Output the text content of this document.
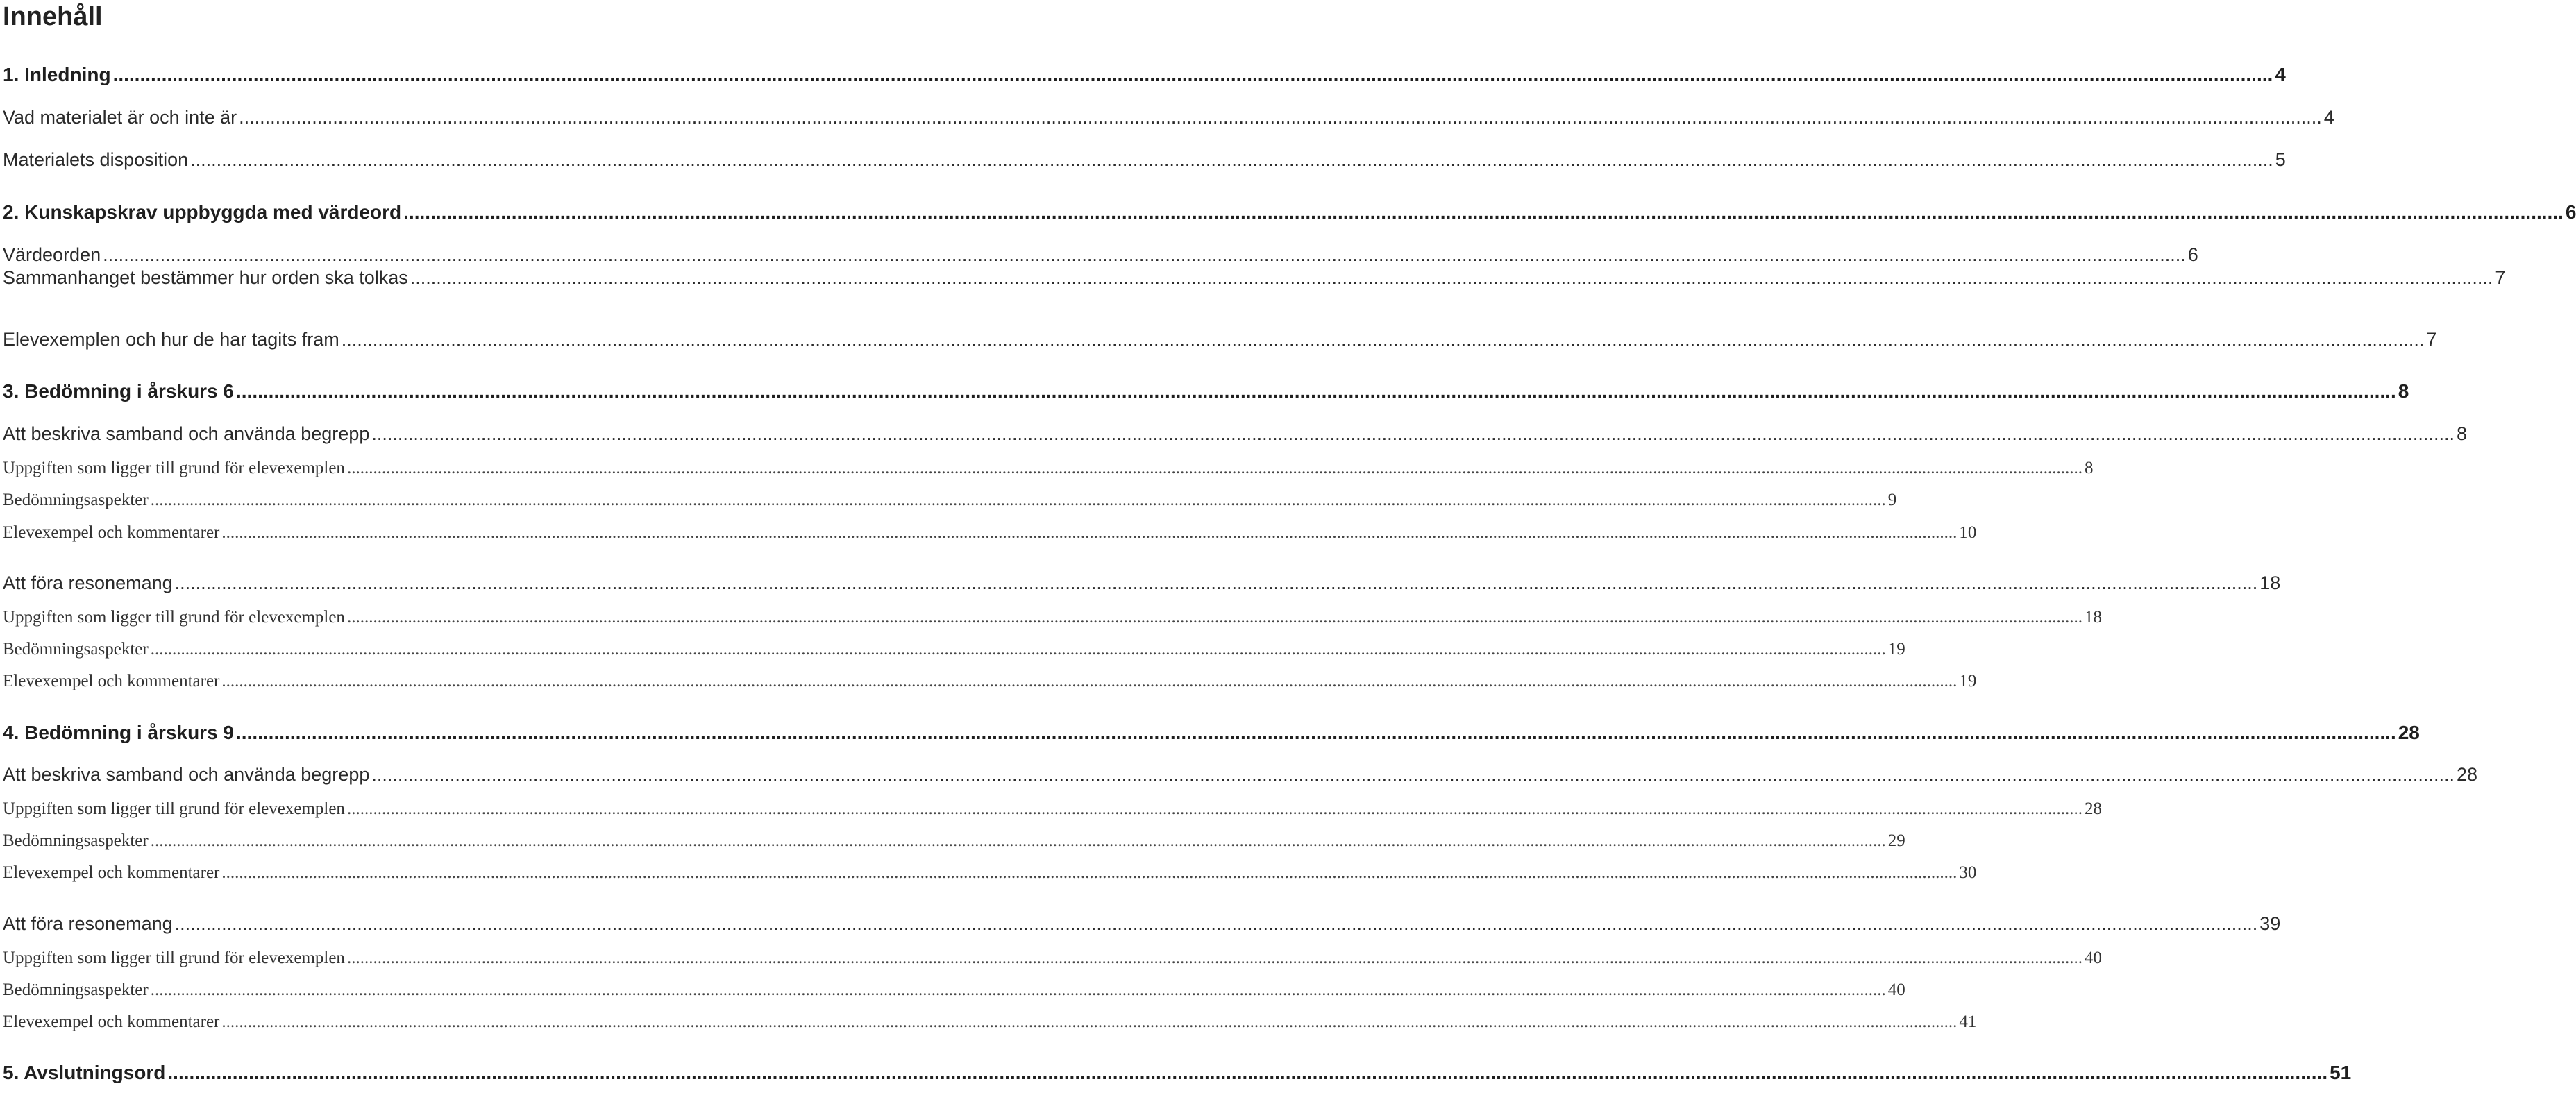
Innehåll
1. Inledning ................................................................................................................................................................................................................................................................................................................................................................................................................ 4
Vad materialet är och inte är ................................................................................................................................................................................................................................................................................................................................................................................................................ 4
Materialets disposition ................................................................................................................................................................................................................................................................................................................................................................................................................ 5
2. Kunskapskrav uppbyggda med värdeord ................................................................................................................................................................................................................................................................................................................................................................................................................ 6
Värdeorden ................................................................................................................................................................................................................................................................................................................................................................................................................ 6
Sammanhanget bestämmer hur orden ska tolkas ................................................................................................................................................................................................................................................................................................................................................................................................................ 7
Elevexemplen och hur de har tagits fram ................................................................................................................................................................................................................................................................................................................................................................................................................ 7
3. Bedömning i årskurs 6 ................................................................................................................................................................................................................................................................................................................................................................................................................ 8
Att beskriva samband och använda begrepp ................................................................................................................................................................................................................................................................................................................................................................................................................ 8
Uppgiften som ligger till grund för elevexemplen ................................................................................................................................................................................................................................................................................................................................................................................................................ 8
Bedömningsaspekter ................................................................................................................................................................................................................................................................................................................................................................................................................ 9
Elevexempel och kommentarer ................................................................................................................................................................................................................................................................................................................................................................................................................ 10
Att föra resonemang ................................................................................................................................................................................................................................................................................................................................................................................................................ 18
Uppgiften som ligger till grund för elevexemplen ................................................................................................................................................................................................................................................................................................................................................................................................................ 18
Bedömningsaspekter ................................................................................................................................................................................................................................................................................................................................................................................................................ 19
Elevexempel och kommentarer ................................................................................................................................................................................................................................................................................................................................................................................................................ 19
4. Bedömning i årskurs 9 ................................................................................................................................................................................................................................................................................................................................................................................................................ 28
Att beskriva samband och använda begrepp ................................................................................................................................................................................................................................................................................................................................................................................................................ 28
Uppgiften som ligger till grund för elevexemplen ................................................................................................................................................................................................................................................................................................................................................................................................................ 28
Bedömningsaspekter ................................................................................................................................................................................................................................................................................................................................................................................................................ 29
Elevexempel och kommentarer ................................................................................................................................................................................................................................................................................................................................................................................................................ 30
Att föra resonemang ................................................................................................................................................................................................................................................................................................................................................................................................................ 39
Uppgiften som ligger till grund för elevexemplen ................................................................................................................................................................................................................................................................................................................................................................................................................ 40
Bedömningsaspekter ................................................................................................................................................................................................................................................................................................................................................................................................................ 40
Elevexempel och kommentarer ................................................................................................................................................................................................................................................................................................................................................................................................................ 41
5. Avslutningsord ................................................................................................................................................................................................................................................................................................................................................................................................................ 51
